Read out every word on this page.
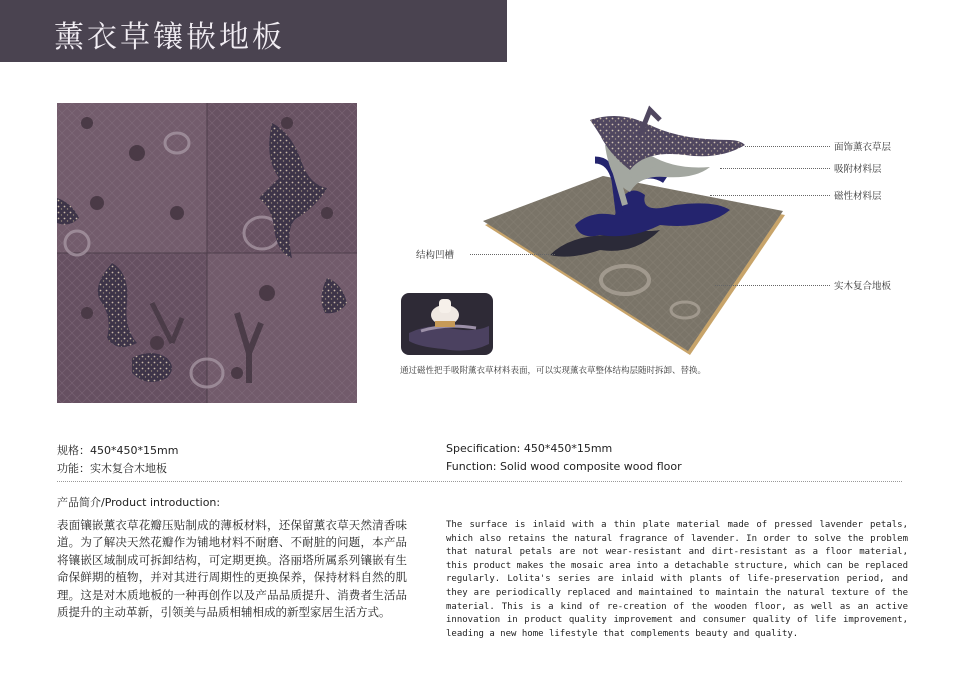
薰衣草镶嵌地板
面饰薰衣草层
吸附材料层
磁性材料层
结构凹槽
实木复合地板
通过磁性把手吸附薰衣草材料表面，可以实现薰衣草整体结构层随时拆卸、替换。
规格：450*450*15mm
功能：实木复合木地板
Specification: 450*450*15mm
Function: Solid wood composite wood floor
产品简介/Product introduction:
表面镶嵌薰衣草花瓣压贴制成的薄板材料，还保留薰衣草天然清香味道。为了解决天然花瓣作为铺地材料不耐磨、不耐脏的问题，本产品将镶嵌区域制成可拆卸结构，可定期更换。洛丽塔所属系列镶嵌有生命保鲜期的植物，并对其进行周期性的更换保养，保持材料自然的肌理。这是对木质地板的一种再创作以及产品品质提升、消费者生活品质提升的主动革新，引领美与品质相辅相成的新型家居生活方式。
The surface is inlaid with a thin plate material made of pressed lavender petals, which also retains the natural fragrance of lavender. In order to solve the problem that natural petals are not wear-resistant and dirt-resistant as a floor material, this product makes the mosaic area into a detachable structure, which can be replaced regularly. Lolita's series are inlaid with plants of life-preservation period, and they are periodically replaced and maintained to maintain the natural texture of the material. This is a kind of re-creation of the wooden floor, as well as an active innovation in product quality improvement and consumer quality of life improvement, leading a new home lifestyle that complements beauty and quality.
